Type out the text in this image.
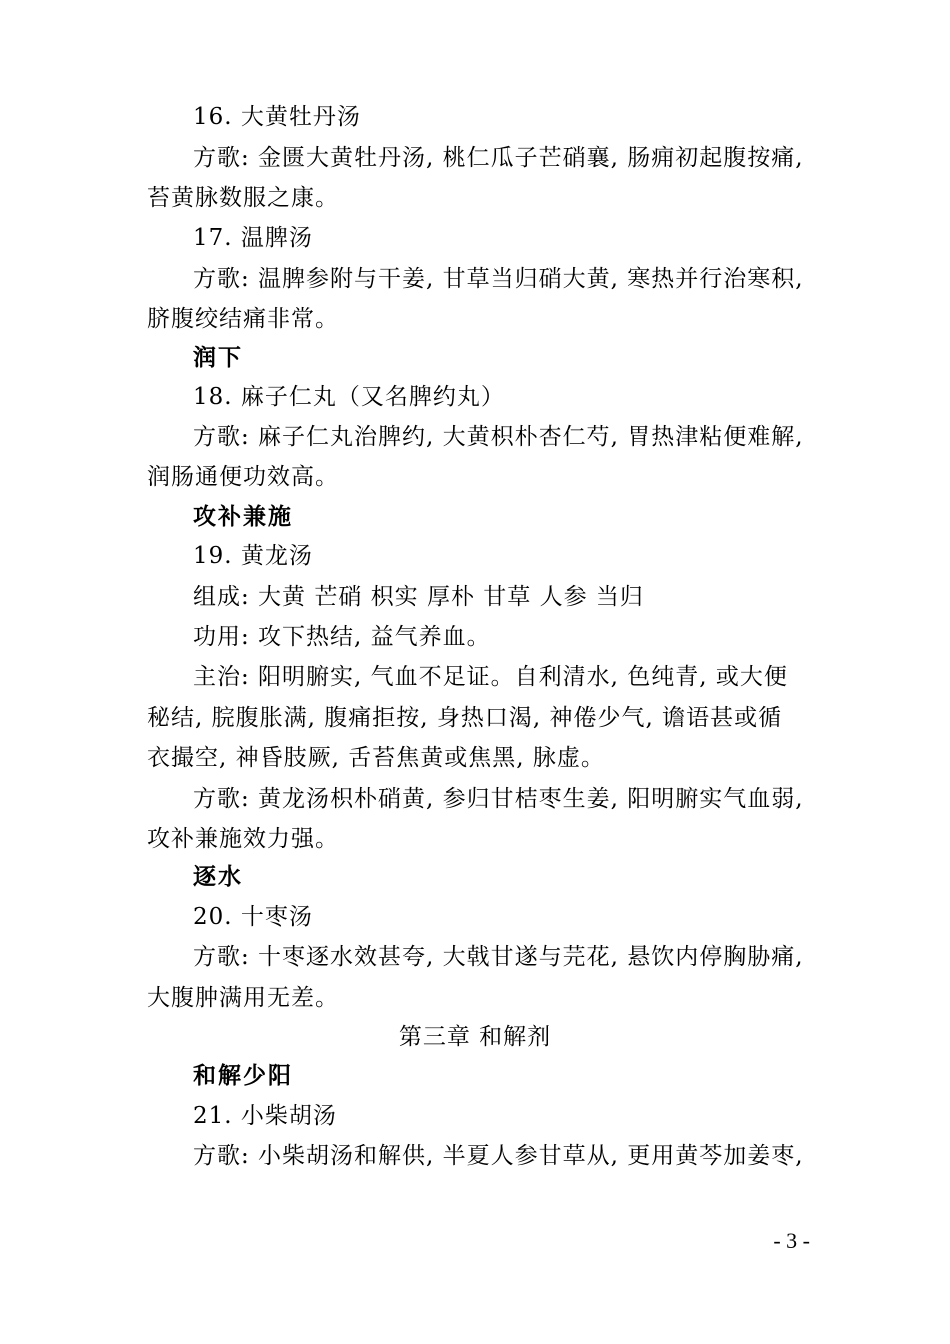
16. 大黄牡丹汤
方歌: 金匮大黄牡丹汤, 桃仁瓜子芒硝襄, 肠痈初起腹按痛,
苔黄脉数服之康。
17. 温脾汤
方歌: 温脾参附与干姜, 甘草当归硝大黄, 寒热并行治寒积,
脐腹绞结痛非常。
润下
18. 麻子仁丸（又名脾约丸）
方歌: 麻子仁丸治脾约, 大黄枳朴杏仁芍, 胃热津粘便难解,
润肠通便功效高。
攻补兼施
19. 黄龙汤
组成: 大黄 芒硝 枳实 厚朴 甘草 人参 当归
功用: 攻下热结, 益气养血。
主治: 阳明腑实, 气血不足证。自利清水, 色纯青, 或大便
秘结, 脘腹胀满, 腹痛拒按, 身热口渴, 神倦少气, 谵语甚或循
衣撮空, 神昏肢厥, 舌苔焦黄或焦黑, 脉虚。
方歌: 黄龙汤枳朴硝黄, 参归甘桔枣生姜, 阳明腑实气血弱,
攻补兼施效力强。
逐水
20. 十枣汤
方歌: 十枣逐水效甚夸, 大戟甘遂与芫花, 悬饮内停胸胁痛,
大腹肿满用无差。
第三章 和解剂
和解少阳
21. 小柴胡汤
方歌: 小柴胡汤和解供, 半夏人参甘草从, 更用黄芩加姜枣,
- 3 -
